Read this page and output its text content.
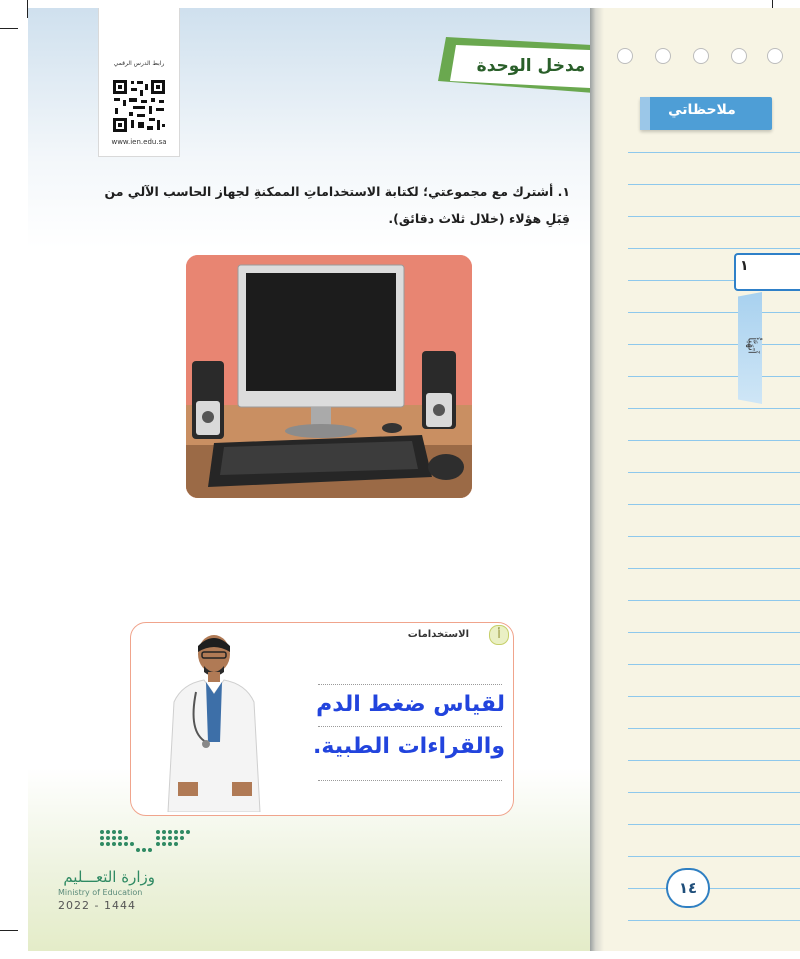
رابط الدرس الرقمي
www.ien.edu.sa
مدخل الوحدة
١. أشترك مع مجموعتي؛ لكتابة الاستخداماتِ الممكنةِ لجهاز الحاسب الآلي من
قِبَلِ هؤلاء (خلال ثلاث دقائق).
أ
الاستخدامات
لقياس ضغط الدم
والقراءات الطبية.
وزارة التعـــليم
Ministry of Education
2022 - 1444
ملاحظاتي
١
أَتَهَيَّأُ
١٤
